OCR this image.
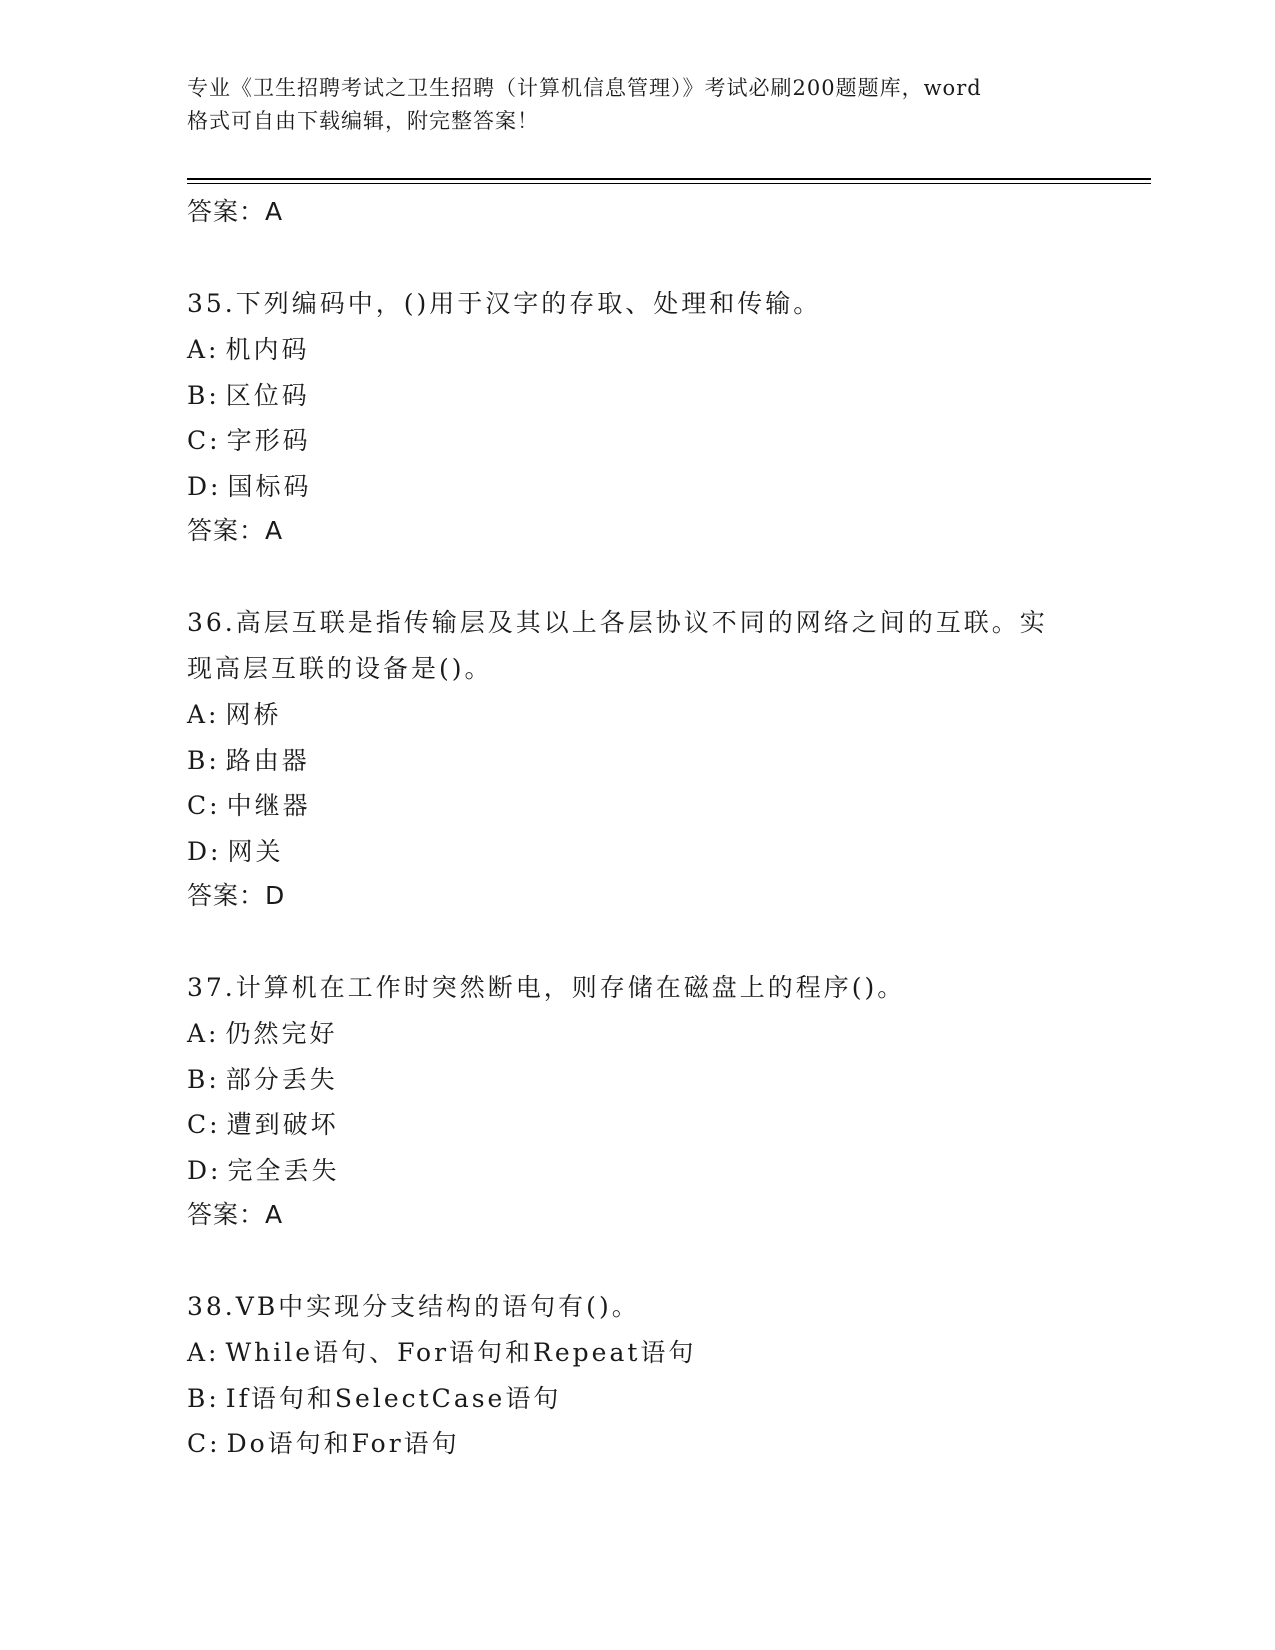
专业《卫生招聘考试之卫生招聘（计算机信息管理）》考试必刷200题题库，word
格式可自由下载编辑，附完整答案！
答案：A
35.下列编码中，()用于汉字的存取、处理和传输。
A: 机内码
B: 区位码
C: 字形码
D: 国标码
答案：A
36.高层互联是指传输层及其以上各层协议不同的网络之间的互联。实
现高层互联的设备是()。
A: 网桥
B: 路由器
C: 中继器
D: 网关
答案：D
37.计算机在工作时突然断电，则存储在磁盘上的程序()。
A: 仍然完好
B: 部分丢失
C: 遭到破坏
D: 完全丢失
答案：A
38.VB中实现分支结构的语句有()。
A: While语句、For语句和Repeat语句
B: If语句和SelectCase语句
C: Do语句和For语句
